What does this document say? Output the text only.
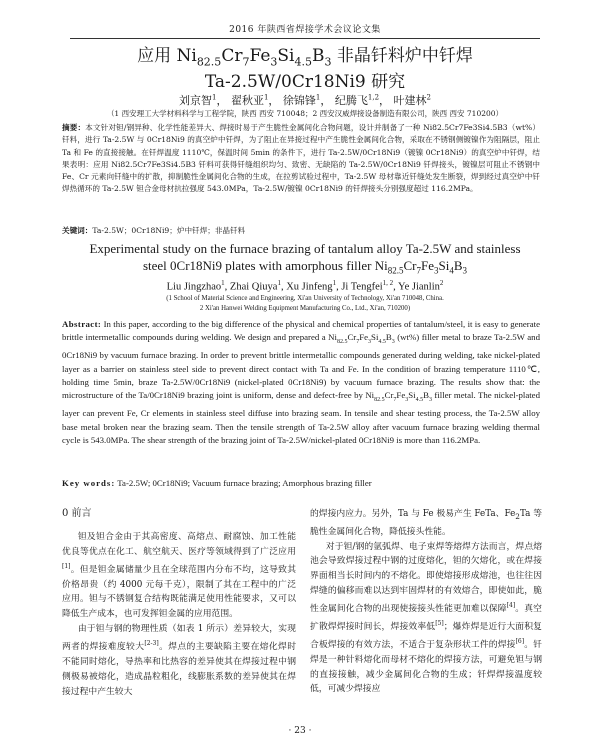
2016 年陕西省焊接学术会议论文集
应用 $Ni_{82.5}Cr_7Fe_3Si_{4.5}B_3$ 非晶钎料炉中钎焊
Ta-2.5W/0Cr18Ni9 研究
刘京智$^1$， 翟秋亚$^1$， 徐锦锋$^1$， 纪腾飞$^{1,2}$， 叶建林$^2$
（1 西安理工大学材料科学与工程学院，陕西 西安 710048；2 西安汉威焊接设备制造有限公司，陕西 西安 710200）
摘要：本文针对钽/钢异种、化学性能差异大、焊接时易于产生脆性金属间化合物问题，设计并制备了一种 Ni82.5Cr7Fe3Si4.5B3（wt%）钎料，进行 Ta-2.5W 与 0Cr18Ni9 的真空炉中钎焊，为了阻止在异接过程中产生脆性金属间化合物，采取在不锈钢侧镀镍作为阻隔层，阻止 Ta 和 Fe 的直接接触。在钎焊温度 1110℃，保温时间 5min 的条件下，进行 Ta-2.5W/0Cr18Ni9（镀镍 0Cr18Ni9）的真空炉中钎焊，结果表明：应用 Ni82.5Cr7Fe3Si4.5B3 钎料可获得钎缝组织均匀、致密、无缺陷的 Ta-2.5W/0Cr18Ni9 钎焊接头，镀镍层可阻止不锈钢中 Fe、Cr 元素向钎缝中的扩散，抑制脆性金属间化合物的生成，在拉剪试验过程中，Ta-2.5W 母材靠近钎缝处发生断裂，焊到经过真空炉中钎焊热循环的 Ta-2.5W 钽合金母材抗拉强度 543.0MPa，Ta-2.5W/镀镍 0Cr18Ni9 的钎焊接头分别强度超过 116.2MPa。
关键词：Ta-2.5W；0Cr18Ni9；炉中钎焊；非晶钎料
Experimental study on the furnace brazing of tantalum alloy Ta-2.5W and stainless
steel 0Cr18Ni9 plates with amorphous filler $Ni_{82.5}Cr_7Fe_3Si_4B_3$
Liu Jingzhao$^1$, Zhai Qiuya$^1$, Xu Jinfeng$^1$, Ji Tengfei$^{1, 2}$, Ye Jianlin$^2$
(1 School of Material Science and Engineering, Xi'an University of Technology, Xi'an 710048, China.
2 Xi'an Hanwei Welding Equipment Manufacturing Co., Ltd., Xi'an, 710200)
Abstract: In this paper, according to the big difference of the physical and chemical properties of tantalum/steel, it is easy to generate brittle intermetallic compounds during welding. We design and prepared a $Ni_{82.5}Cr_7Fe_3Si_{4.5}B_3$ (wt%) filler metal to braze Ta-2.5W and 0Cr18Ni9 by vacuum furnace brazing. In order to prevent brittle intermetallic compounds generated during welding, take nickel-plated layer as a barrier on stainless steel side to prevent direct contact with Ta and Fe. In the condition of brazing temperature 1110℃, holding time 5min, braze Ta-2.5W/0Cr18Ni9 (nickel-plated 0Cr18Ni9) by vacuum furnace brazing. The results show that: the microstructure of the Ta/0Cr18Ni9 brazing joint is uniform, dense and defect-free by $Ni_{82.5}Cr_7Fe_3Si_{4.5}B_3$ filler metal. The nickel-plated layer can prevent Fe, Cr elements in stainless steel diffuse into brazing seam. In tensile and shear testing process, the Ta-2.5W alloy base metal broken near the brazing seam. Then the tensile strength of Ta-2.5W alloy after vacuum furnace brazing welding thermal cycle is 543.0MPa. The shear strength of the brazing joint of Ta-2.5W/nickel-plated 0Cr18Ni9 is more than 116.2MPa.
Key words: Ta-2.5W; 0Cr18Ni9; Vacuum furnace brazing; Amorphous brazing filler
0 前言

钽及钽合金由于其高密度、高熔点、耐腐蚀、加工性能优良等优点在化工、航空航天、医疗等领域得到了广泛应用[1]。但是钽金属储量少且在全球范围内分布不均，这导致其价格昂贵（约 4000 元每千克），限制了其在工程中的广泛应用。钽与不锈钢复合结构既能满足使用性能要求，又可以降低生产成本，也可发挥钽金属的应用范围。

由于钽与钢的物理性质（如表 1 所示）差异较大，实现两者的焊接难度较大[2-3]。焊点的主要缺陷主要在熔化焊时不能同时熔化，导热率和比热容的差异使其在焊接过程中钢侧极易被熔化，造成晶粒粗化，线膨胀系数的差异使其在焊接过程中产生较大

的焊接内应力。另外，Ta 与 Fe 极易产生 FeTa、$Fe_2Ta$ 等脆性金属间化合物，降低接头性能。

对于钽/钢的氩弧焊、电子束焊等熔焊方法而言，焊点熔池会导致焊接过程中钢的过度熔化，钽的欠熔化，或在焊接界面相当长时间内的不熔化。即使熔接形成熔池，也往往因焊缝的偏移而难以达到牢固焊材的有效熔合，即使如此，脆性金属间化合物的出现使接接头性能更加难以保障[4]。真空扩散焊焊接时间长，焊接效率低[5]；爆炸焊是近行大面积复合板焊接的有效方法，不适合于复杂形状工件的焊接[6]。钎焊是一种针料熔化而母材不熔化的焊接方法，可避免钽与钢的直接接触，减少金属间化合物的生成；钎焊焊接温度较低，可减少焊接应

· 23 ·
